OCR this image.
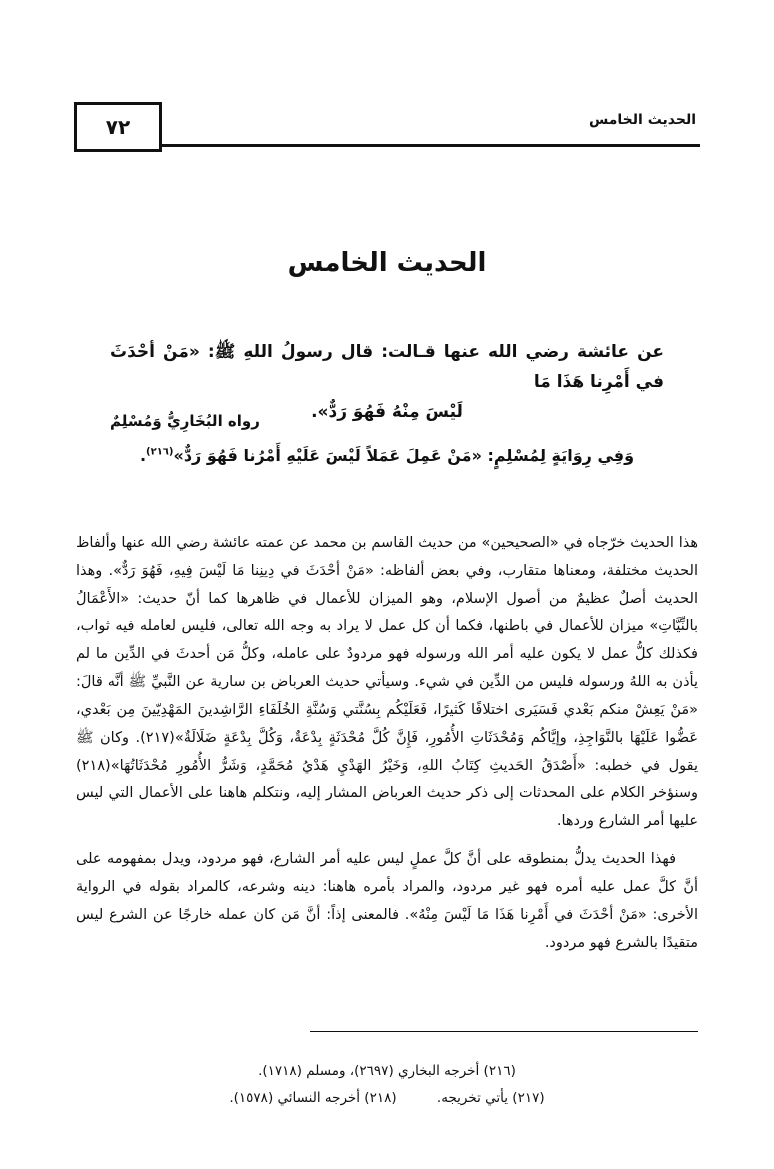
الحديث الخامس
٧٢
الحديث الخامس
عن عائشة رضي الله عنها قـالت: قال رسولُ اللهِ ﷺ: «مَنْ أحْدَثَ في أَمْرِنا هَذَا مَا
لَيْسَ مِنْهُ فَهُوَ رَدٌّ».
رواه البُخَارِيُّ وَمُسْلِمٌ
وَفِي رِوَايَةٍ لِمُسْلِمٍ: «مَنْ عَمِلَ عَمَلاً لَيْسَ عَلَيْهِ أَمْرُنا فَهُوَ رَدٌّ»$^{(٢١٦)}$.

هذا الحديث خرّجاه في «الصحيحين» من حديث القاسم بن محمد عن عمته عائشة رضي الله عنها وألفاظ الحديث مختلفة، ومعناها متقارب، وفي بعض ألفاظه: «مَنْ أحْدَثَ في دِينِنا مَا لَيْسَ فِيهِ، فَهُوَ رَدٌّ». وهذا الحديث أصلٌ عظيمٌ من أصول الإسلام، وهو الميزان للأعمال في ظاهرها كما أنّ حديث: «الأَعْمَالُ بالنِّيَّاتِ» ميزان للأعمال في باطنها، فكما أن كل عمل لا يراد به وجه الله تعالى، فليس لعامله فيه ثواب، فكذلك كلُّ عمل لا يكون عليه أمر الله ورسوله فهو مردودٌ على عامله، وكلُّ مَن أحدثَ في الدِّين ما لم يأذن به اللهُ ورسوله فليس من الدِّين في شيء. وسيأتي حديث العرباض بن سارية عن النَّبيِّ ﷺ أنَّه قالَ: «مَنْ يَعِشْ منكم بَعْدي فَسَيَرى اختلافًا كَثيرًا، فَعَلَيْكُم بِسُنَّتي وَسُنَّةِ الخُلَفَاءِ الرَّاشِدينَ المَهْدِيّينَ مِن بَعْدي، عَضُّوا عَلَيْهَا بالنَّوَاجِذِ، وإيَّاكُم وَمُحْدَثَاتِ الأُمُورِ، فَإِنَّ كُلَّ مُحْدَثَةٍ بِدْعَةٌ، وَكُلَّ بِدْعَةٍ ضَلَالَةٌ»(٢١٧). وكان ﷺ يقول في خطبه: «أَصْدَقُ الحَديثِ كِتَابُ اللهِ، وَخَيْرُ الهَدْيِ هَدْيُ مُحَمَّدٍ، وَشَرُّ الأُمُورِ مُحْدَثَاتُهَا»(٢١٨) وسنؤخر الكلام على المحدثات إلى ذكر حديث العرباض المشار إليه، ونتكلم هاهنا على الأعمال التي ليس عليها أمر الشارع وردها.

فهذا الحديث يدلُّ بمنطوقه على أنَّ كلَّ عملٍ ليس عليه أمر الشارع، فهو مردود، ويدل بمفهومه على أنَّ كلَّ عمل عليه أمره فهو غير مردود، والمراد بأمره هاهنا: دينه وشرعه، كالمراد بقوله في الرواية الأخرى: «مَنْ أحْدَثَ في أَمْرِنا هَذَا مَا لَيْسَ مِنْهُ». فالمعنى إذاً: أنَّ مَن كان عمله خارجًا عن الشرع ليس متقيدًا بالشرع فهو مردود.

(٢١٦) أخرجه البخاري (٢٦٩٧)، ومسلم (١٧١٨).
(٢١٧) يأتي تخريجه. (٢١٨) أخرجه النسائي (١٥٧٨).
